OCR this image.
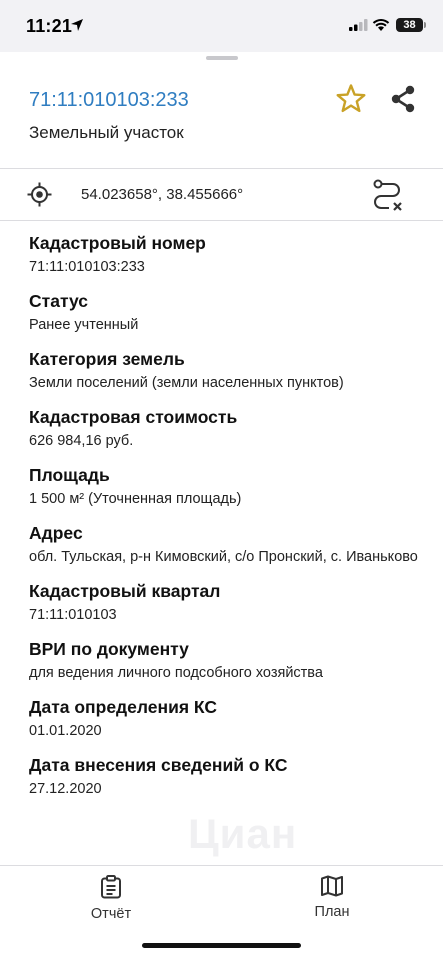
11:21	38
71:11:010103:233
Земельный участок
54.023658°, 38.455666°
Циан
Кадастровый номер
71:11:010103:233
Статус
Ранее учтенный
Категория земель
Земли поселений (земли населенных пунктов)
Кадастровая стоимость
626 984,16 руб.
Площадь
1 500 м² (Уточненная площадь)
Адрес
обл. Тульская, р-н Кимовский, с/о Пронский, с. Иваньково
Кадастровый квартал
71:11:010103
ВРИ по документу
для ведения личного подсобного хозяйства
Дата определения КС
01.01.2020
Дата внесения сведений о КС
27.12.2020
Отчёт	План
